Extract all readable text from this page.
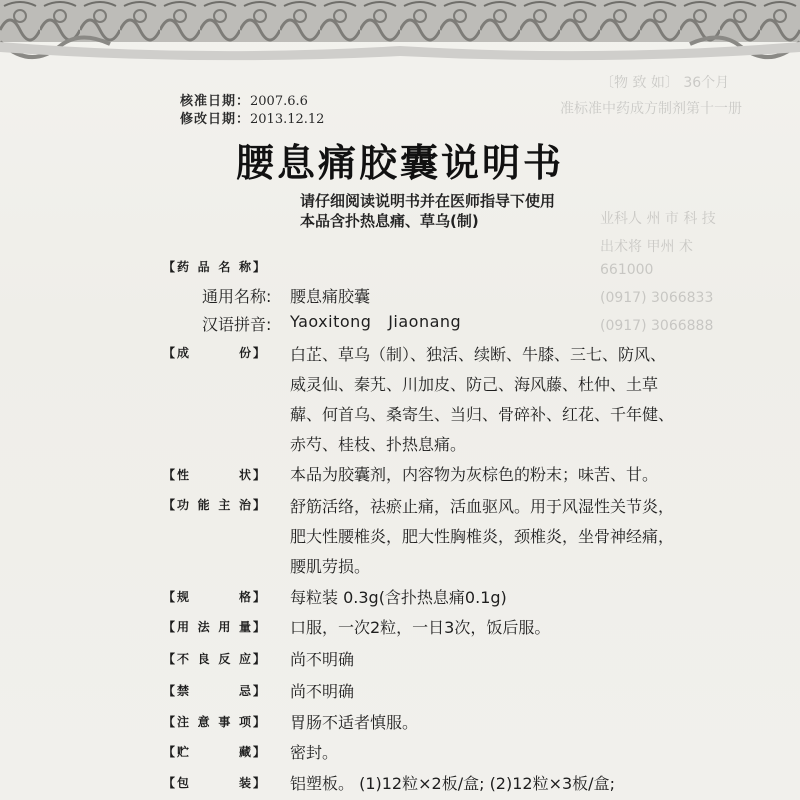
〔物 致 如〕 36个月
准标准中药成方制剂第十一册
业科人 州 市 科 技
出术将 甲州 术
661000
(0917) 3066833
(0917) 3066888
核准日期：2007.6.6
修改日期：2013.12.12
腰息痛胶囊说明书
请仔细阅读说明书并在医师指导下使用
本品含扑热息痛、草乌(制)
【 药 品 名 称 】
通用名称: 腰息痛胶囊
汉语拼音: Yaoxitong   Jiaonang
【 成	份 】 白芷、草乌（制）、独活、续断、牛膝、三七、防风、
威灵仙、秦艽、川加皮、防己、海风藤、杜仲、土草
薢、何首乌、桑寄生、当归、骨碎补、红花、千年健、
赤芍、桂枝、扑热息痛。
【 性	状 】 本品为胶囊剂，内容物为灰棕色的粉末；味苦、甘。
【 功 能 主 治 】 舒筋活络，祛瘀止痛，活血驱风。用于风湿性关节炎，
肥大性腰椎炎，肥大性胸椎炎，颈椎炎，坐骨神经痛，
腰肌劳损。
【 规	格 】 每粒装 0.3g(含扑热息痛0.1g)
【 用 法 用 量 】 口服，一次2粒，一日3次，饭后服。
【 不 良 反 应 】 尚不明确
【 禁	忌 】 尚不明确
【 注 意 事 项 】 胃肠不适者慎服。
【 贮	藏 】 密封。
【 包	装 】 铝塑板。 (1)12粒×2板/盒; (2)12粒×3板/盒;
